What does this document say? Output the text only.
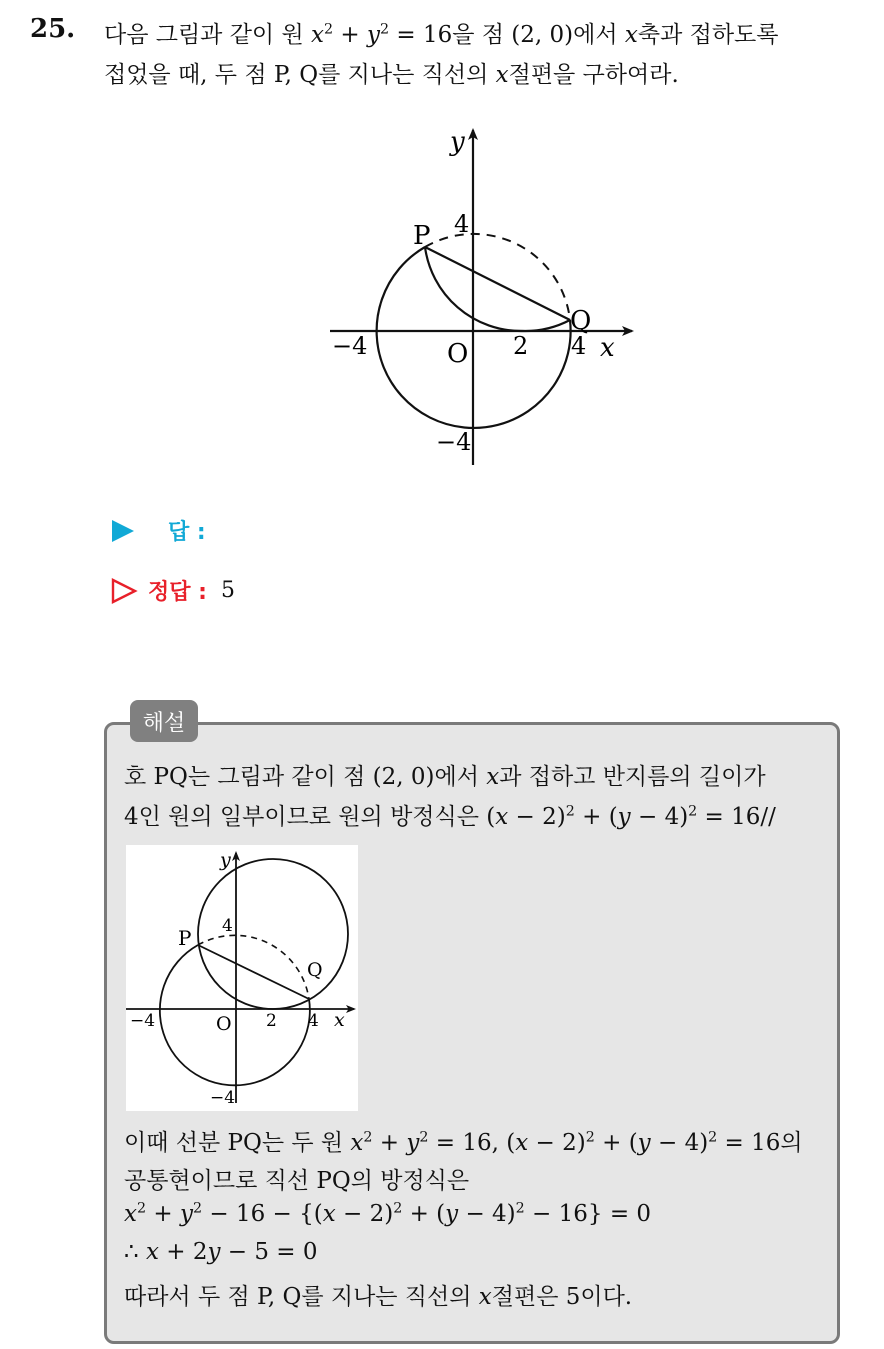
25. 다음 그림과 같이 원 $x^2 + y^2 = 16$을 점 (2, 0)에서 x축과 접하도록
접었을 때, 두 점 P, Q를 지나는 직선의 x절편을 구하여라.
y
x
4
P
Q
−4	O 2 4
−4
답 :
정답 : 5
해설
호 PQ는 그림과 같이 점 (2, 0)에서 x과 접하고 반지름의 길이가
4인 원의 일부이므로 원의 방정식은 $(x - 2)^2 + (y - 4)^2 = 16//$
y
x
4
P
Q
−4	O 2 4
−4
이때 선분 PQ는 두 원 $x^2 + y^2 = 16$, $(x - 2)^2 + (y - 4)^2 = 16$의
공통현이므로 직선 PQ의 방정식은
$x^2 + y^2 - 16 - \{(x - 2)^2 + (y - 4)^2 - 16\} = 0$
∴ x + 2y − 5 = 0
따라서 두 점 P, Q를 지나는 직선의 x절편은 5이다.
